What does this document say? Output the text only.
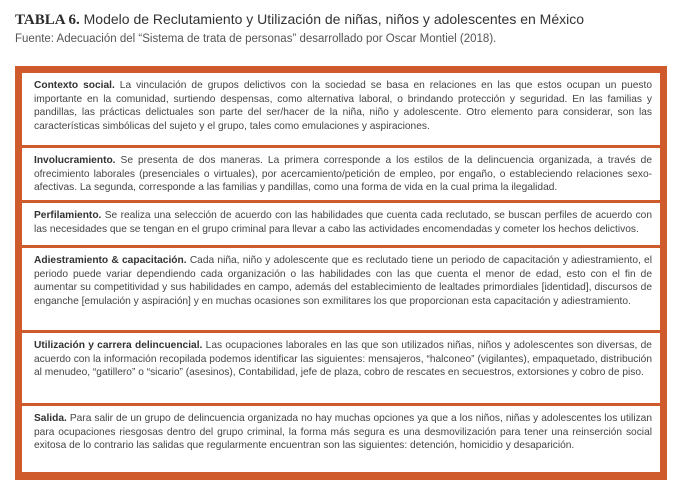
TABLA 6. Modelo de Reclutamiento y Utilización de niñas, niños y adolescentes en México
Fuente: Adecuación del “Sistema de trata de personas” desarrollado por Oscar Montiel (2018).
Contexto social. La vinculación de grupos delictivos con la sociedad se basa en relaciones en las que estos ocupan un puesto importante en la comunidad, surtiendo despensas, como alternativa laboral, o brindando protección y seguridad. En las familias y pandillas, las prácticas delictuales son parte del ser/hacer de la niña, niño y adolescente. Otro elemento para considerar, son las características simbólicas del sujeto y el grupo, tales como emulaciones y aspiraciones.
Involucramiento. Se presenta de dos maneras. La primera corresponde a los estilos de la delincuencia organizada, a través de ofrecimiento laborales (presenciales o virtuales), por acercamiento/petición de empleo, por engaño, o estableciendo relaciones sexo-afectivas. La segunda, corresponde a las familias y pandillas, como una forma de vida en la cual prima la ilegalidad.
Perfilamiento. Se realiza una selección de acuerdo con las habilidades que cuenta cada reclutado, se buscan perfiles de acuerdo con las necesidades que se tengan en el grupo criminal para llevar a cabo las actividades encomendadas y cometer los hechos delictivos.
Adiestramiento & capacitación. Cada niña, niño y adolescente que es reclutado tiene un periodo de capacitación y adiestramiento, el periodo puede variar dependiendo cada organización o las habilidades con las que cuenta el menor de edad, esto con el fin de aumentar su competitividad y sus habilidades en campo, además del establecimiento de lealtades primordiales [identidad], discursos de enganche [emulación y aspiración] y en muchas ocasiones son exmilitares los que proporcionan esta capacitación y adiestramiento.
Utilización y carrera delincuencial. Las ocupaciones laborales en las que son utilizados niñas, niños y adolescentes son diversas, de acuerdo con la información recopilada podemos identificar las siguientes: mensajeros, “halconeo” (vigilantes), empaquetado, distribución al menudeo, “gatillero” o “sicario” (asesinos), Contabilidad, jefe de plaza, cobro de rescates en secuestros, extorsiones y cobro de piso.
Salida. Para salir de un grupo de delincuencia organizada no hay muchas opciones ya que a los niños, niñas y adolescentes los utilizan para ocupaciones riesgosas dentro del grupo criminal, la forma más segura es una desmovilización para tener una reinserción social exitosa de lo contrario las salidas que regularmente encuentran son las siguientes: detención, homicidio y desaparición.
